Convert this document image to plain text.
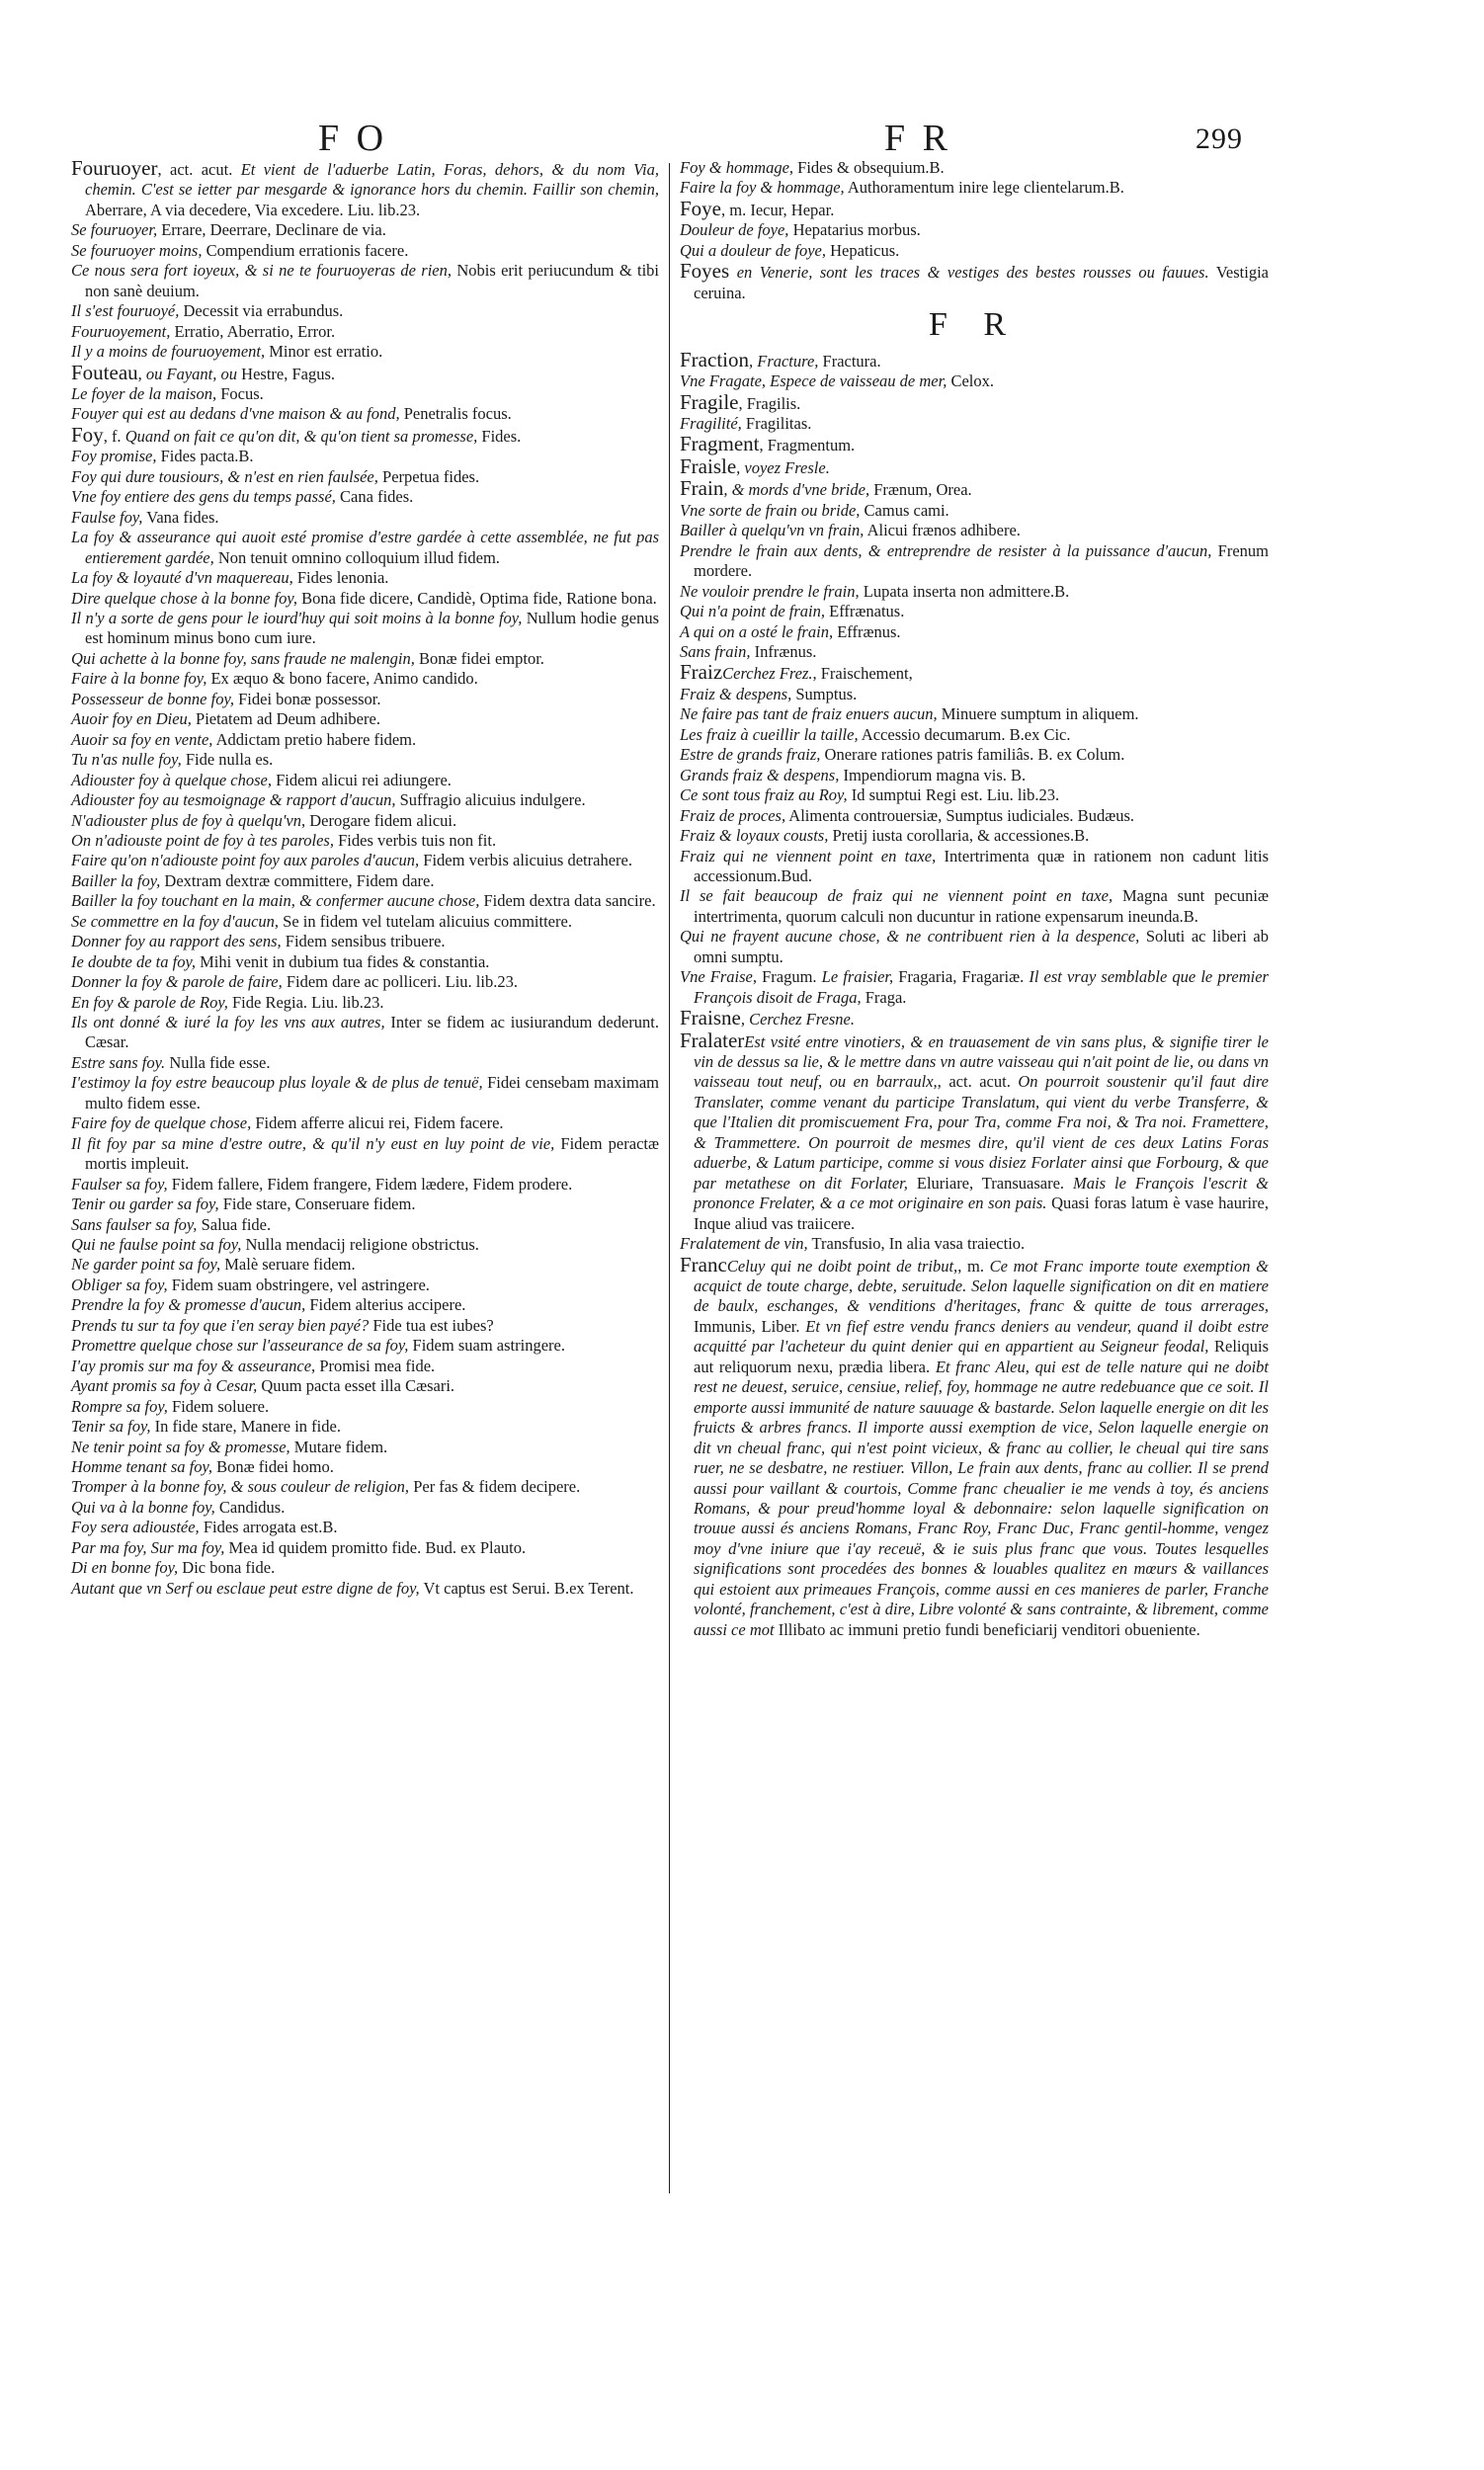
F O	F R	299
Fouruoyer, act. acut. Et vient de l'aduerbe Latin, Foras, dehors, & du nom Via, chemin. C'est se ietter par mesgarde & ignorance hors du chemin. Faillir son chemin, Aberrare, A via decedere, Via excedere. Liu. lib.23.
Se fouruoyer, Errare, Deerrare, Declinare de via.
Se fouruoyer moins, Compendium errationis facere.
Ce nous sera fort ioyeux, & si ne te fouruoyeras de rien, Nobis erit periucundum & tibi non sanè deuium.
Il s'est fouruoyé, Decessit via errabundus.
Fouruoyement, Erratio, Aberratio, Error.
Il y a moins de fouruoyement, Minor est erratio.
Fouteau, ou Fayant, ou Hestre, Fagus.
Le foyer de la maison, Focus.
Fouyer qui est au dedans d'vne maison & au fond, Penetralis focus.
Foy, f. Quand on fait ce qu'on dit, & qu'on tient sa promesse, Fides.
Foy promise, Fides pacta.B.
Foy qui dure tousiours, & n'est en rien faulsée, Perpetua fides.
Vne foy entiere des gens du temps passé, Cana fides.
Faulse foy, Vana fides.
La foy & asseurance qui auoit esté promise d'estre gardée à cette assemblée, ne fut pas entierement gardée, Non tenuit omnino colloquium illud fidem.
La foy & loyauté d'vn maquereau, Fides lenonia.
Dire quelque chose à la bonne foy, Bona fide dicere, Candidè, Optima fide, Ratione bona.
Il n'y a sorte de gens pour le iourd'huy qui soit moins à la bonne foy, Nullum hodie genus est hominum minus bono cum iure.
Qui achette à la bonne foy, sans fraude ne malengin, Bonæ fidei emptor.
Faire à la bonne foy, Ex æquo & bono facere, Animo candido.
Possesseur de bonne foy, Fidei bonæ possessor.
Auoir foy en Dieu, Pietatem ad Deum adhibere.
Auoir sa foy en vente, Addictam pretio habere fidem.
Tu n'as nulle foy, Fide nulla es.
Adiouster foy à quelque chose, Fidem alicui rei adiungere.
Adiouster foy au tesmoignage & rapport d'aucun, Suffragio alicuius indulgere.
N'adiouster plus de foy à quelqu'vn, Derogare fidem alicui.
On n'adiouste point de foy à tes paroles, Fides verbis tuis non fit.
Faire qu'on n'adiouste point foy aux paroles d'aucun, Fidem verbis alicuius detrahere.
Bailler la foy, Dextram dextræ committere, Fidem dare.
Bailler la foy touchant en la main, & confermer aucune chose, Fidem dextra data sancire.
Se commettre en la foy d'aucun, Se in fidem vel tutelam alicuius committere.
Donner foy au rapport des sens, Fidem sensibus tribuere.
Ie doubte de ta foy, Mihi venit in dubium tua fides & constantia.
Donner la foy & parole de faire, Fidem dare ac polliceri. Liu. lib.23.
En foy & parole de Roy, Fide Regia. Liu. lib.23.
Ils ont donné & iuré la foy les vns aux autres, Inter se fidem ac iusiurandum dederunt. Cæsar.
Estre sans foy. Nulla fide esse.
I'estimoy la foy estre beaucoup plus loyale & de plus de tenuë, Fidei censebam maximam multo fidem esse.
Faire foy de quelque chose, Fidem afferre alicui rei, Fidem facere.
Il fit foy par sa mine d'estre outre, & qu'il n'y eust en luy point de vie, Fidem peractæ mortis impleuit.
Faulser sa foy, Fidem fallere, Fidem frangere, Fidem lædere, Fidem prodere.
Tenir ou garder sa foy, Fide stare, Conseruare fidem.
Sans faulser sa foy, Salua fide.
Qui ne faulse point sa foy, Nulla mendacij religione obstrictus.
Ne garder point sa foy, Malè seruare fidem.
Obliger sa foy, Fidem suam obstringere, vel astringere.
Prendre la foy & promesse d'aucun, Fidem alterius accipere.
Prends tu sur ta foy que i'en seray bien payé? Fide tua est iubes?
Promettre quelque chose sur l'asseurance de sa foy, Fidem suam astringere.
I'ay promis sur ma foy & asseurance, Promisi mea fide.
Ayant promis sa foy à Cesar, Quum pacta esset illa Cæsari.
Rompre sa foy, Fidem soluere.
Tenir sa foy, In fide stare, Manere in fide.
Ne tenir point sa foy & promesse, Mutare fidem.
Homme tenant sa foy, Bonæ fidei homo.
Tromper à la bonne foy, & sous couleur de religion, Per fas & fidem decipere.
Qui va à la bonne foy, Candidus.
Foy sera adioustée, Fides arrogata est.B.
Par ma foy, Sur ma foy, Mea id quidem promitto fide. Bud. ex Plauto.
Di en bonne foy, Dic bona fide.
Autant que vn Serf ou esclaue peut estre digne de foy, Vt captus est Serui. B.ex Terent.
Foy & hommage, Fides & obsequium.B.
Faire la foy & hommage, Authoramentum inire lege clientelarum.B.
Foye, m. Iecur, Hepar.
Douleur de foye, Hepatarius morbus.
Qui a douleur de foye, Hepaticus.
Foyes en Venerie, sont les traces & vestiges des bestes rousses ou fauues. Vestigia ceruina.
F R
Fraction, Fracture, Fractura.
Vne Fragate, Espece de vaisseau de mer, Celox.
Fragile, Fragilis.
Fragilité, Fragilitas.
Fragment, Fragmentum.
Fraisle, voyez Fresle.
Frain, & mords d'vne bride, Frænum, Orea.
Vne sorte de frain ou bride, Camus cami.
Bailler à quelqu'vn vn frain, Alicui frænos adhibere.
Prendre le frain aux dents, & entreprendre de resister à la puissance d'aucun, Frenum mordere.
Ne vouloir prendre le frain, Lupata inserta non admittere.B.
Qui n'a point de frain, Effrænatus.
A qui on a osté le frain, Effrænus.
Sans frain, Infrænus.
FraizCerchez Frez., Fraischement,
Fraiz & despens, Sumptus.
Ne faire pas tant de fraiz enuers aucun, Minuere sumptum in aliquem.
Les fraiz à cueillir la taille, Accessio decumarum. B.ex Cic.
Estre de grands fraiz, Onerare rationes patris familiâs. B. ex Colum.
Grands fraiz & despens, Impendiorum magna vis. B.
Ce sont tous fraiz au Roy, Id sumptui Regi est. Liu. lib.23.
Fraiz de proces, Alimenta controuersiæ, Sumptus iudiciales. Budæus.
Fraiz & loyaux cousts, Pretij iusta corollaria, & accessiones.B.
Fraiz qui ne viennent point en taxe, Intertrimenta quæ in rationem non cadunt litis accessionum.Bud.
Il se fait beaucoup de fraiz qui ne viennent point en taxe, Magna sunt pecuniæ intertrimenta, quorum calculi non ducuntur in ratione expensarum ineunda.B.
Qui ne frayent aucune chose, & ne contribuent rien à la despence, Soluti ac liberi ab omni sumptu.
Vne Fraise, Fragum. Le fraisier, Fragaria, Fragariæ. Il est vray semblable que le premier François disoit de Fraga, Fraga.
Fraisne, Cerchez Fresne.
FralaterEst vsité entre vinotiers, & en trauasement de vin sans plus, & signifie tirer le vin de dessus sa lie, & le mettre dans vn autre vaisseau qui n'ait point de lie, ou dans vn vaisseau tout neuf, ou en barraulx,, act. acut. On pourroit soustenir qu'il faut dire Translater, comme venant du participe Translatum, qui vient du verbe Transferre, & que l'Italien dit promiscuement Fra, pour Tra, comme Fra noi, & Tra noi. Framettere, & Trammettere. On pourroit de mesmes dire, qu'il vient de ces deux Latins Foras aduerbe, & Latum participe, comme si vous disiez Forlater ainsi que Forbourg, & que par metathese on dit Forlater, Eluriare, Transuasare. Mais le François l'escrit & prononce Frelater, & a ce mot originaire en son pais. Quasi foras latum è vase haurire, Inque aliud vas traiicere.
Fralatement de vin, Transfusio, In alia vasa traiectio.
FrancCeluy qui ne doibt point de tribut,, m. Ce mot Franc importe toute exemption & acquict de toute charge, debte, seruitude. Selon laquelle signification on dit en matiere de baulx, eschanges, & venditions d'heritages, franc & quitte de tous arrerages, Immunis, Liber. Et vn fief estre vendu francs deniers au vendeur, quand il doibt estre acquitté par l'acheteur du quint denier qui en appartient au Seigneur feodal, Reliquis aut reliquorum nexu, prædia libera. Et franc Aleu, qui est de telle nature qui ne doibt rest ne deuest, seruice, censiue, relief, foy, hommage ne autre redebuance que ce soit. Il emporte aussi immunité de nature sauuage & bastarde. Selon laquelle energie on dit les fruicts & arbres francs. Il importe aussi exemption de vice, Selon laquelle energie on dit vn cheual franc, qui n'est point vicieux, & franc au collier, le cheual qui tire sans ruer, ne se desbatre, ne restiuer. Villon, Le frain aux dents, franc au collier. Il se prend aussi pour vaillant & courtois, Comme franc cheualier ie me vends à toy, és anciens Romans, & pour preud'homme loyal & debonnaire: selon laquelle signification on trouue aussi és anciens Romans, Franc Roy, Franc Duc, Franc gentil-homme, vengez moy d'vne iniure que i'ay receuë, & ie suis plus franc que vous. Toutes lesquelles significations sont procedées des bonnes & louables qualitez en mœurs & vaillances qui estoient aux primeaues François, comme aussi en ces manieres de parler, Franche volonté, franchement, c'est à dire, Libre volonté & sans contrainte, & librement, comme aussi ce mot Illibato ac immuni pretio fundi beneficiarij venditori obueniente.
